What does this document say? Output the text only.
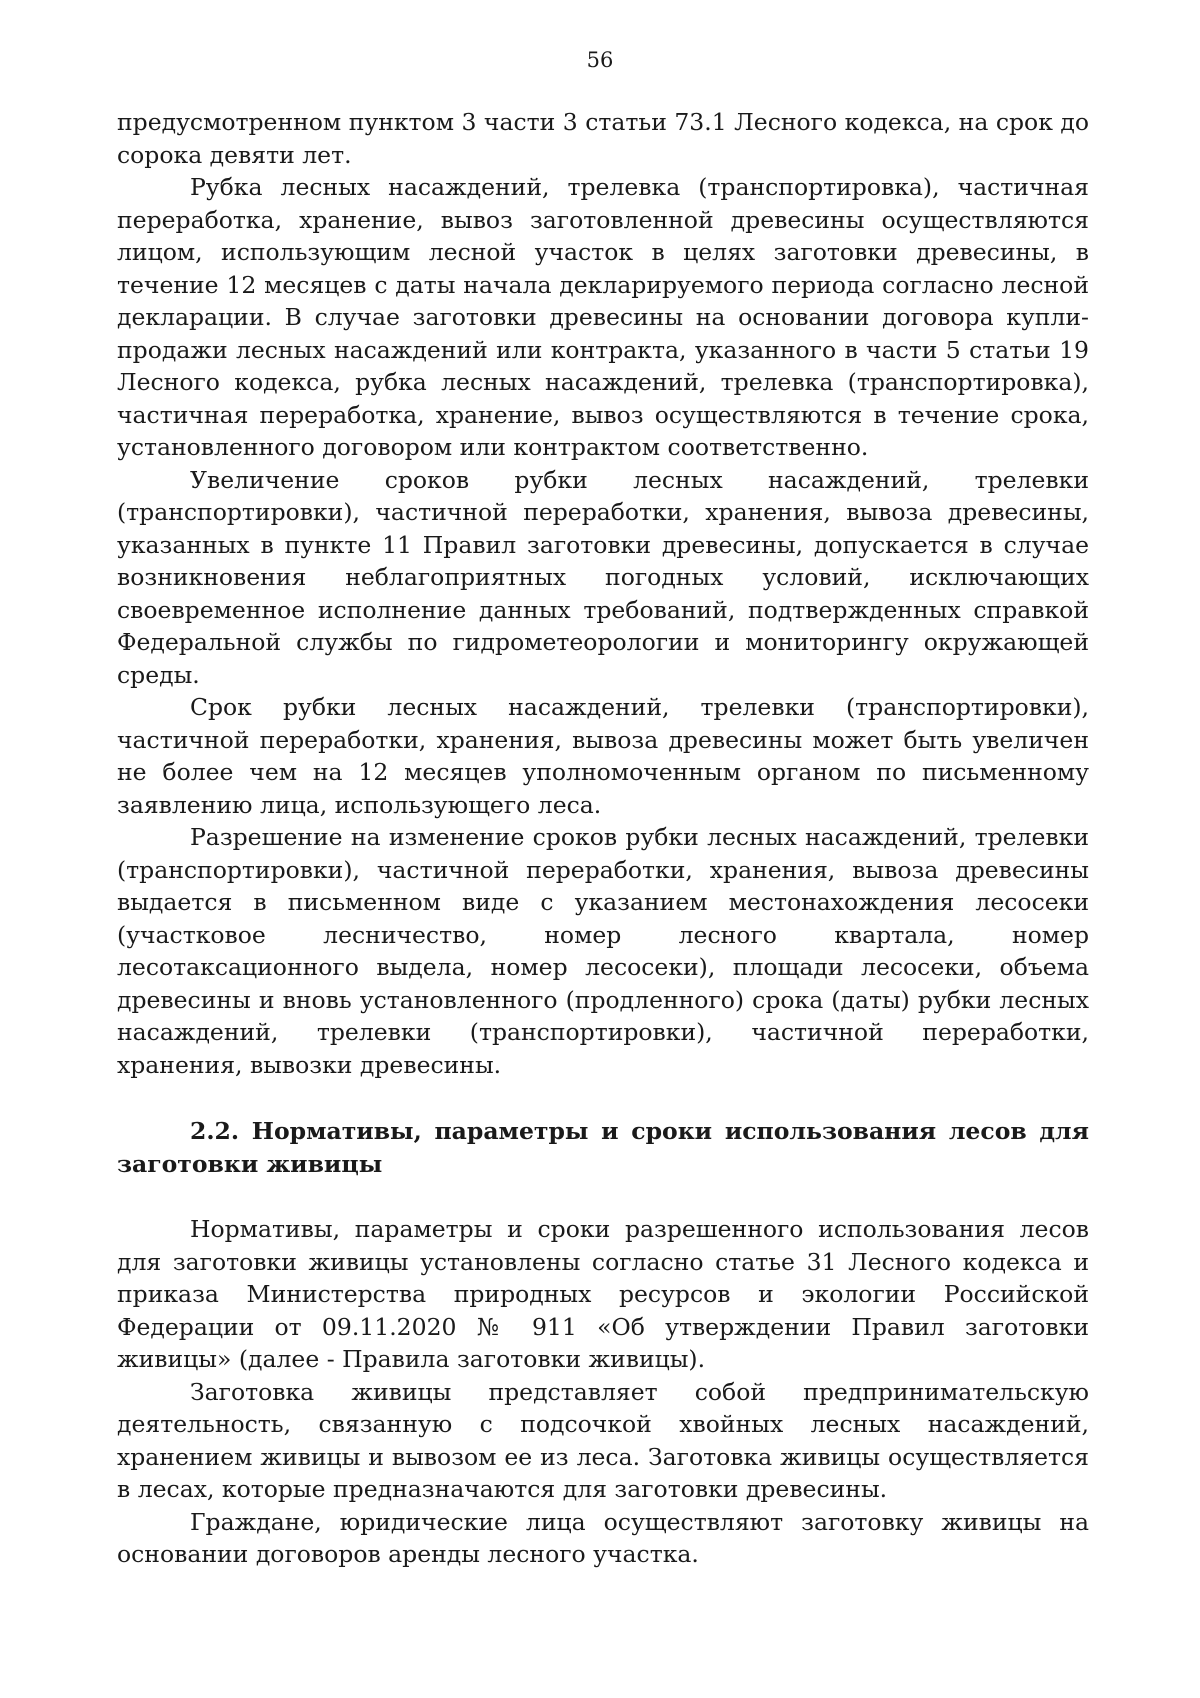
56

предусмотренном пунктом 3 части 3 статьи 73.1 Лесного кодекса, на срок до сорока девяти лет.

Рубка лесных насаждений, трелевка (транспортировка), частичная переработка, хранение, вывоз заготовленной древесины осуществляются лицом, использующим лесной участок в целях заготовки древесины, в течение 12 месяцев с даты начала декларируемого периода согласно лесной декларации. В случае заготовки древесины на основании договора купли-продажи лесных насаждений или контракта, указанного в части 5 статьи 19 Лесного кодекса, рубка лесных насаждений, трелевка (транспортировка), частичная переработка, хранение, вывоз осуществляются в течение срока, установленного договором или контрактом соответственно.

Увеличение сроков рубки лесных насаждений, трелевки (транспортировки), частичной переработки, хранения, вывоза древесины, указанных в пункте 11 Правил заготовки древесины, допускается в случае возникновения неблагоприятных погодных условий, исключающих своевременное исполнение данных требований, подтвержденных справкой Федеральной службы по гидрометеорологии и мониторингу окружающей среды.

Срок рубки лесных насаждений, трелевки (транспортировки), частичной переработки, хранения, вывоза древесины может быть увеличен не более чем на 12 месяцев уполномоченным органом по письменному заявлению лица, использующего леса.

Разрешение на изменение сроков рубки лесных насаждений, трелевки (транспортировки), частичной переработки, хранения, вывоза древесины выдается в письменном виде с указанием местонахождения лесосеки (участковое лесничество, номер лесного квартала, номер лесотаксационного выдела, номер лесосеки), площади лесосеки, объема древесины и вновь установленного (продленного) срока (даты) рубки лесных насаждений, трелевки (транспортировки), частичной переработки, хранения, вывозки древесины.

2.2. Нормативы, параметры и сроки использования лесов для заготовки живицы

Нормативы, параметры и сроки разрешенного использования лесов для заготовки живицы установлены согласно статье 31 Лесного кодекса и приказа Министерства природных ресурсов и экологии Российской Федерации от 09.11.2020 № 911 «Об утверждении Правил заготовки живицы» (далее - Правила заготовки живицы).

Заготовка живицы представляет собой предпринимательскую деятельность, связанную с подсочкой хвойных лесных насаждений, хранением живицы и вывозом ее из леса. Заготовка живицы осуществляется в лесах, которые предназначаются для заготовки древесины.

Граждане, юридические лица осуществляют заготовку живицы на основании договоров аренды лесного участка.
